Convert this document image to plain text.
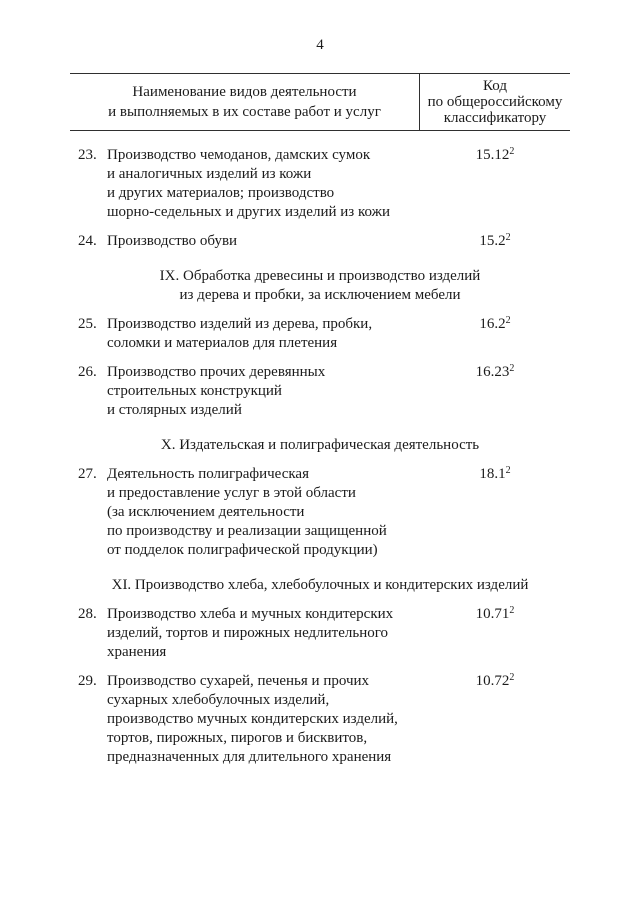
4
Наименование видов деятельности
и выполняемых в их составе работ и услуг
Код
по общероссийскому
классификатору
23. Производство чемоданов, дамских сумок
и аналогичных изделий из кожи
и других материалов; производство
шорно-седельных и других изделий из кожи
15.12$^2$
24. Производство обуви	15.2$^2$
IX. Обработка древесины и производство изделий
из дерева и пробки, за исключением мебели
25. Производство изделий из дерева, пробки,
соломки и материалов для плетения
16.2$^2$
26. Производство прочих деревянных
строительных конструкций
и столярных изделий
16.23$^2$
X. Издательская и полиграфическая деятельность
27. Деятельность полиграфическая
и предоставление услуг в этой области
(за исключением деятельности
по производству и реализации защищенной
от подделок полиграфической продукции)
18.1$^2$
XI. Производство хлеба, хлебобулочных и кондитерских изделий
28. Производство хлеба и мучных кондитерских
изделий, тортов и пирожных недлительного
хранения
10.71$^2$
29. Производство сухарей, печенья и прочих
сухарных хлебобулочных изделий,
производство мучных кондитерских изделий,
тортов, пирожных, пирогов и бисквитов,
предназначенных для длительного хранения
10.72$^2$
